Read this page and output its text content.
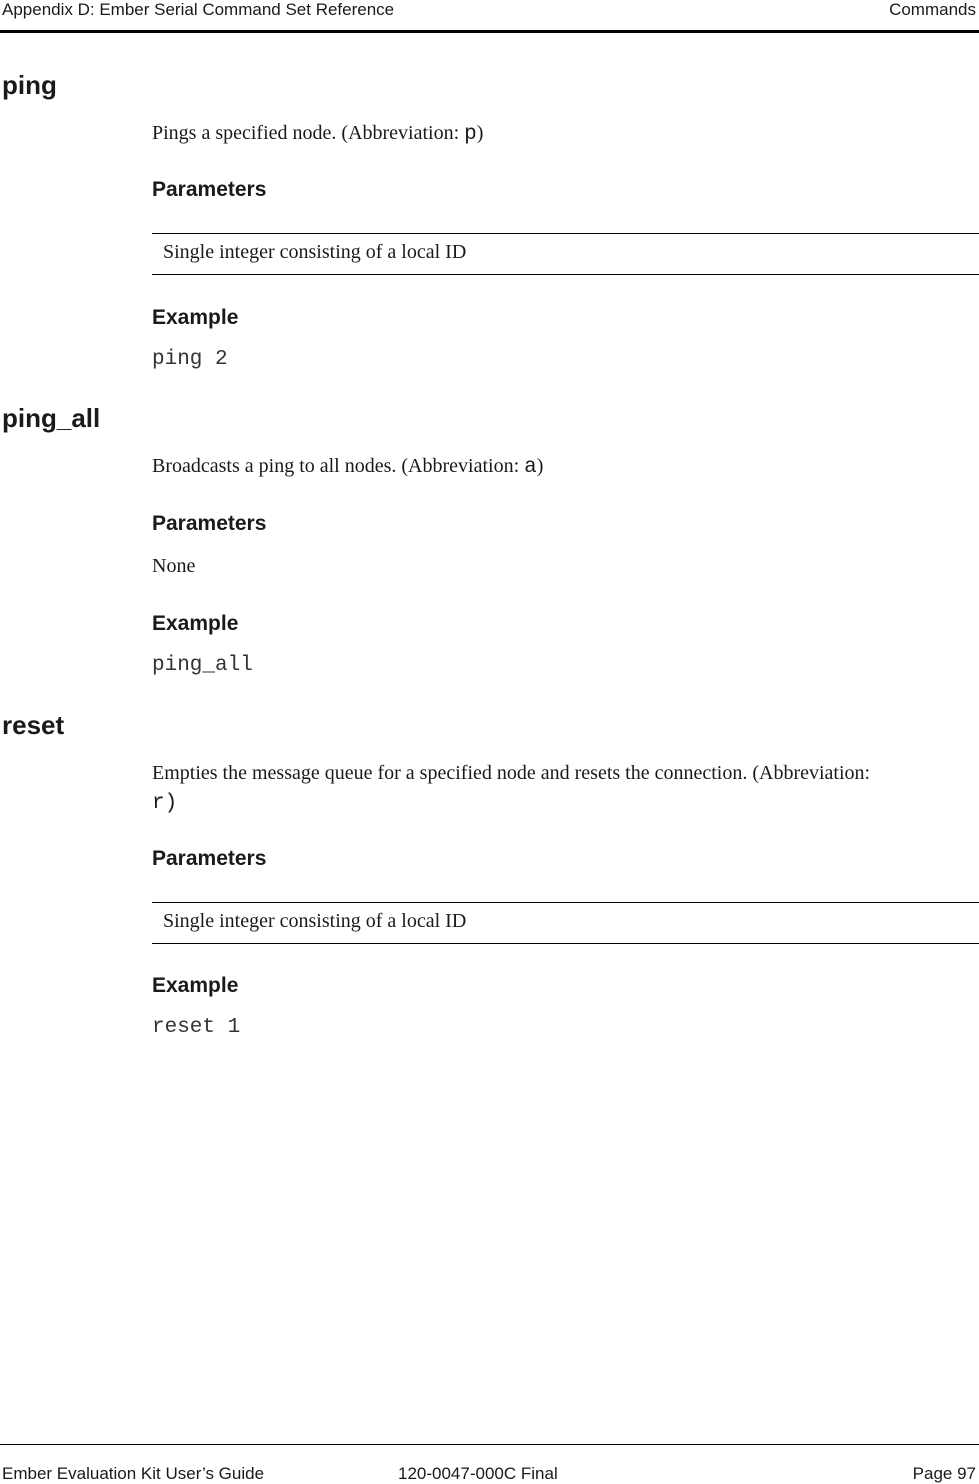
Appendix D: Ember Serial Command Set Reference	Commands
ping
Pings a specified node. (Abbreviation: p)
Parameters
Single integer consisting of a local ID
Example
ping 2
ping_all
Broadcasts a ping to all nodes. (Abbreviation: a)
Parameters
None
Example
ping_all
reset
Empties the message queue for a specified node and resets the connection. (Abbreviation:
r)
Parameters
Single integer consisting of a local ID
Example
reset 1
Ember Evaluation Kit User’s Guide	120-0047-000C Final	Page 97
